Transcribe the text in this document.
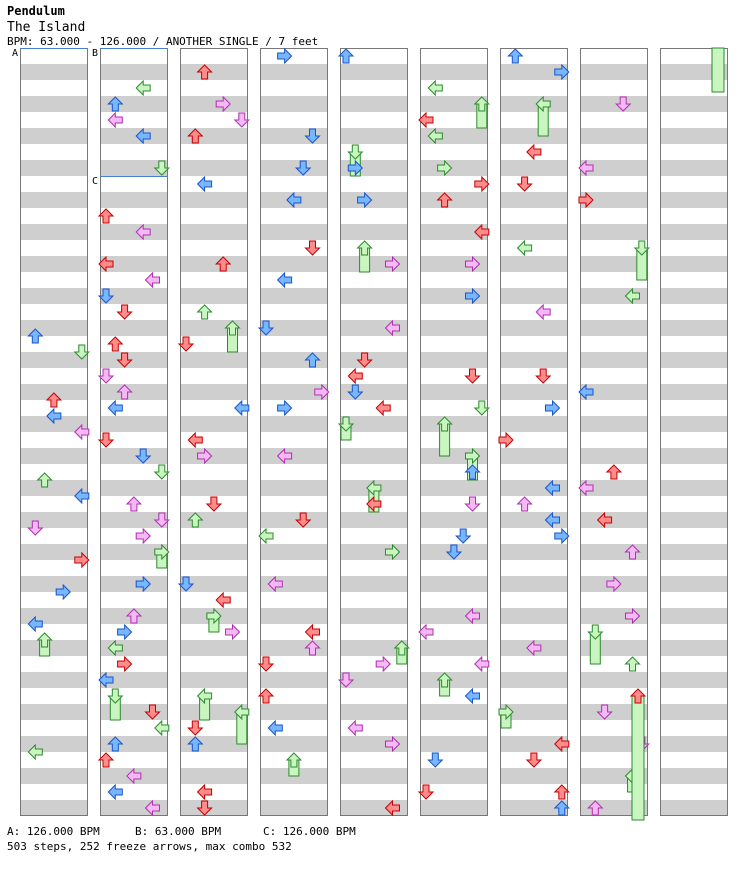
Pendulum
The Island
BPM: 63.000 - 126.000 / ANOTHER SINGLE / 7 feet
A	B
C
A: 126.000 BPM	B: 63.000 BPM	C: 126.000 BPM
503 steps, 252 freeze arrows, max combo 532
